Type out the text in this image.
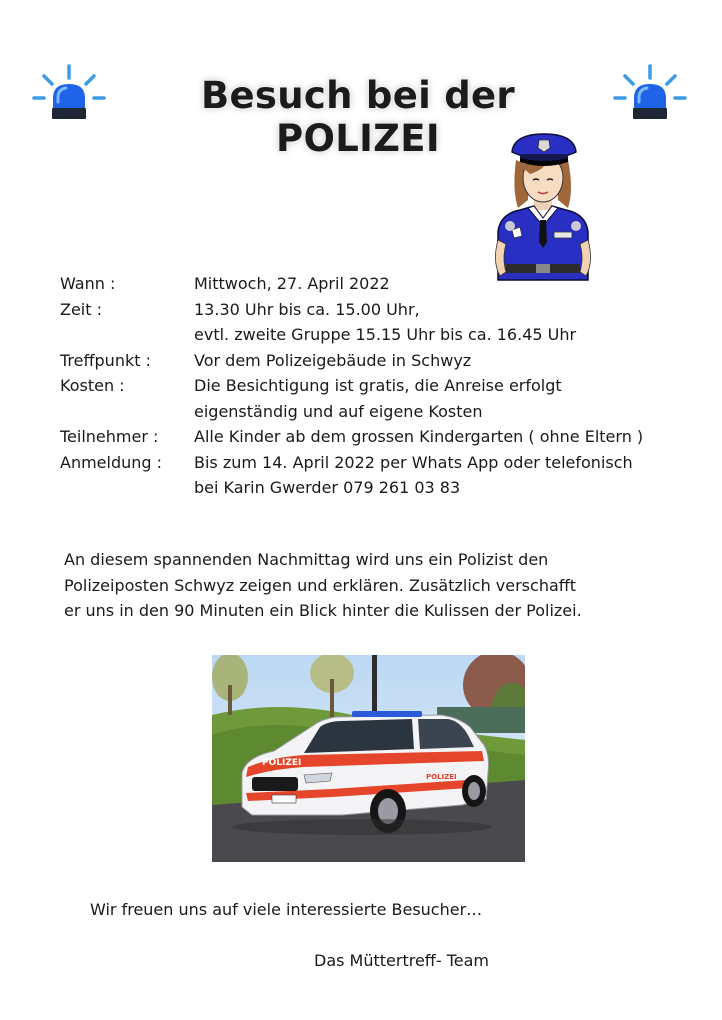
Besuch bei der POLIZEI
Wann :	Mittwoch, 27. April 2022
Zeit :	13.30 Uhr bis ca. 15.00 Uhr,
evtl. zweite Gruppe 15.15 Uhr bis ca. 16.45 Uhr
Treffpunkt :	Vor dem Polizeigebäude in Schwyz
Kosten :	Die Besichtigung ist gratis, die Anreise erfolgt
eigenständig und auf eigene Kosten
Teilnehmer : Alle Kinder ab dem grossen Kindergarten ( ohne Eltern )
Anmeldung : Bis zum 14. April 2022 per Whats App oder telefonisch
bei Karin Gwerder 079 261 03 83
An diesem spannenden Nachmittag wird uns ein Polizist den
Polizeiposten Schwyz zeigen und erklären. Zusätzlich verschafft
er uns in den 90 Minuten ein Blick hinter die Kulissen der Polizei.
POLIZEI
POLIZEI
Wir freuen uns auf viele interessierte Besucher…
Das Müttertreff- Team
